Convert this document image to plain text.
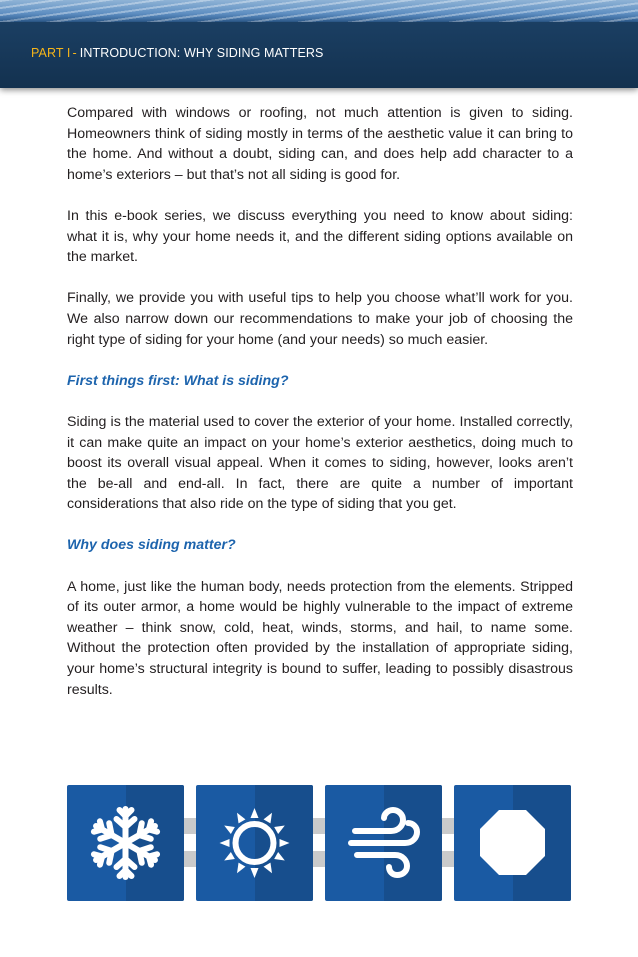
PART I - INTRODUCTION: WHY SIDING MATTERS

Compared with windows or roofing, not much attention is given to siding. Homeowners think of siding mostly in terms of the aesthetic value it can bring to the home. And without a doubt, siding can, and does help add character to a home’s exteriors – but that’s not all siding is good for.

In this e-book series, we discuss everything you need to know about siding: what it is, why your home needs it, and the different siding options available on the market.

Finally, we provide you with useful tips to help you choose what’ll work for you. We also narrow down our recommendations to make your job of choosing the right type of siding for your home (and your needs) so much easier.

First things first: What is siding?

Siding is the material used to cover the exterior of your home. Installed correctly, it can make quite an impact on your home’s exterior aesthetics, doing much to boost its overall visual appeal. When it comes to siding, however, looks aren’t the be-all and end-all. In fact, there are quite a number of important considerations that also ride on the type of siding that you get.

Why does siding matter?

A home, just like the human body, needs protection from the elements. Stripped of its outer armor, a home would be highly vulnerable to the impact of extreme weather – think snow, cold, heat, winds, storms, and hail, to name some. Without the protection often provided by the installation of appropriate siding, your home’s structural integrity is bound to suffer, leading to possibly disastrous results.
